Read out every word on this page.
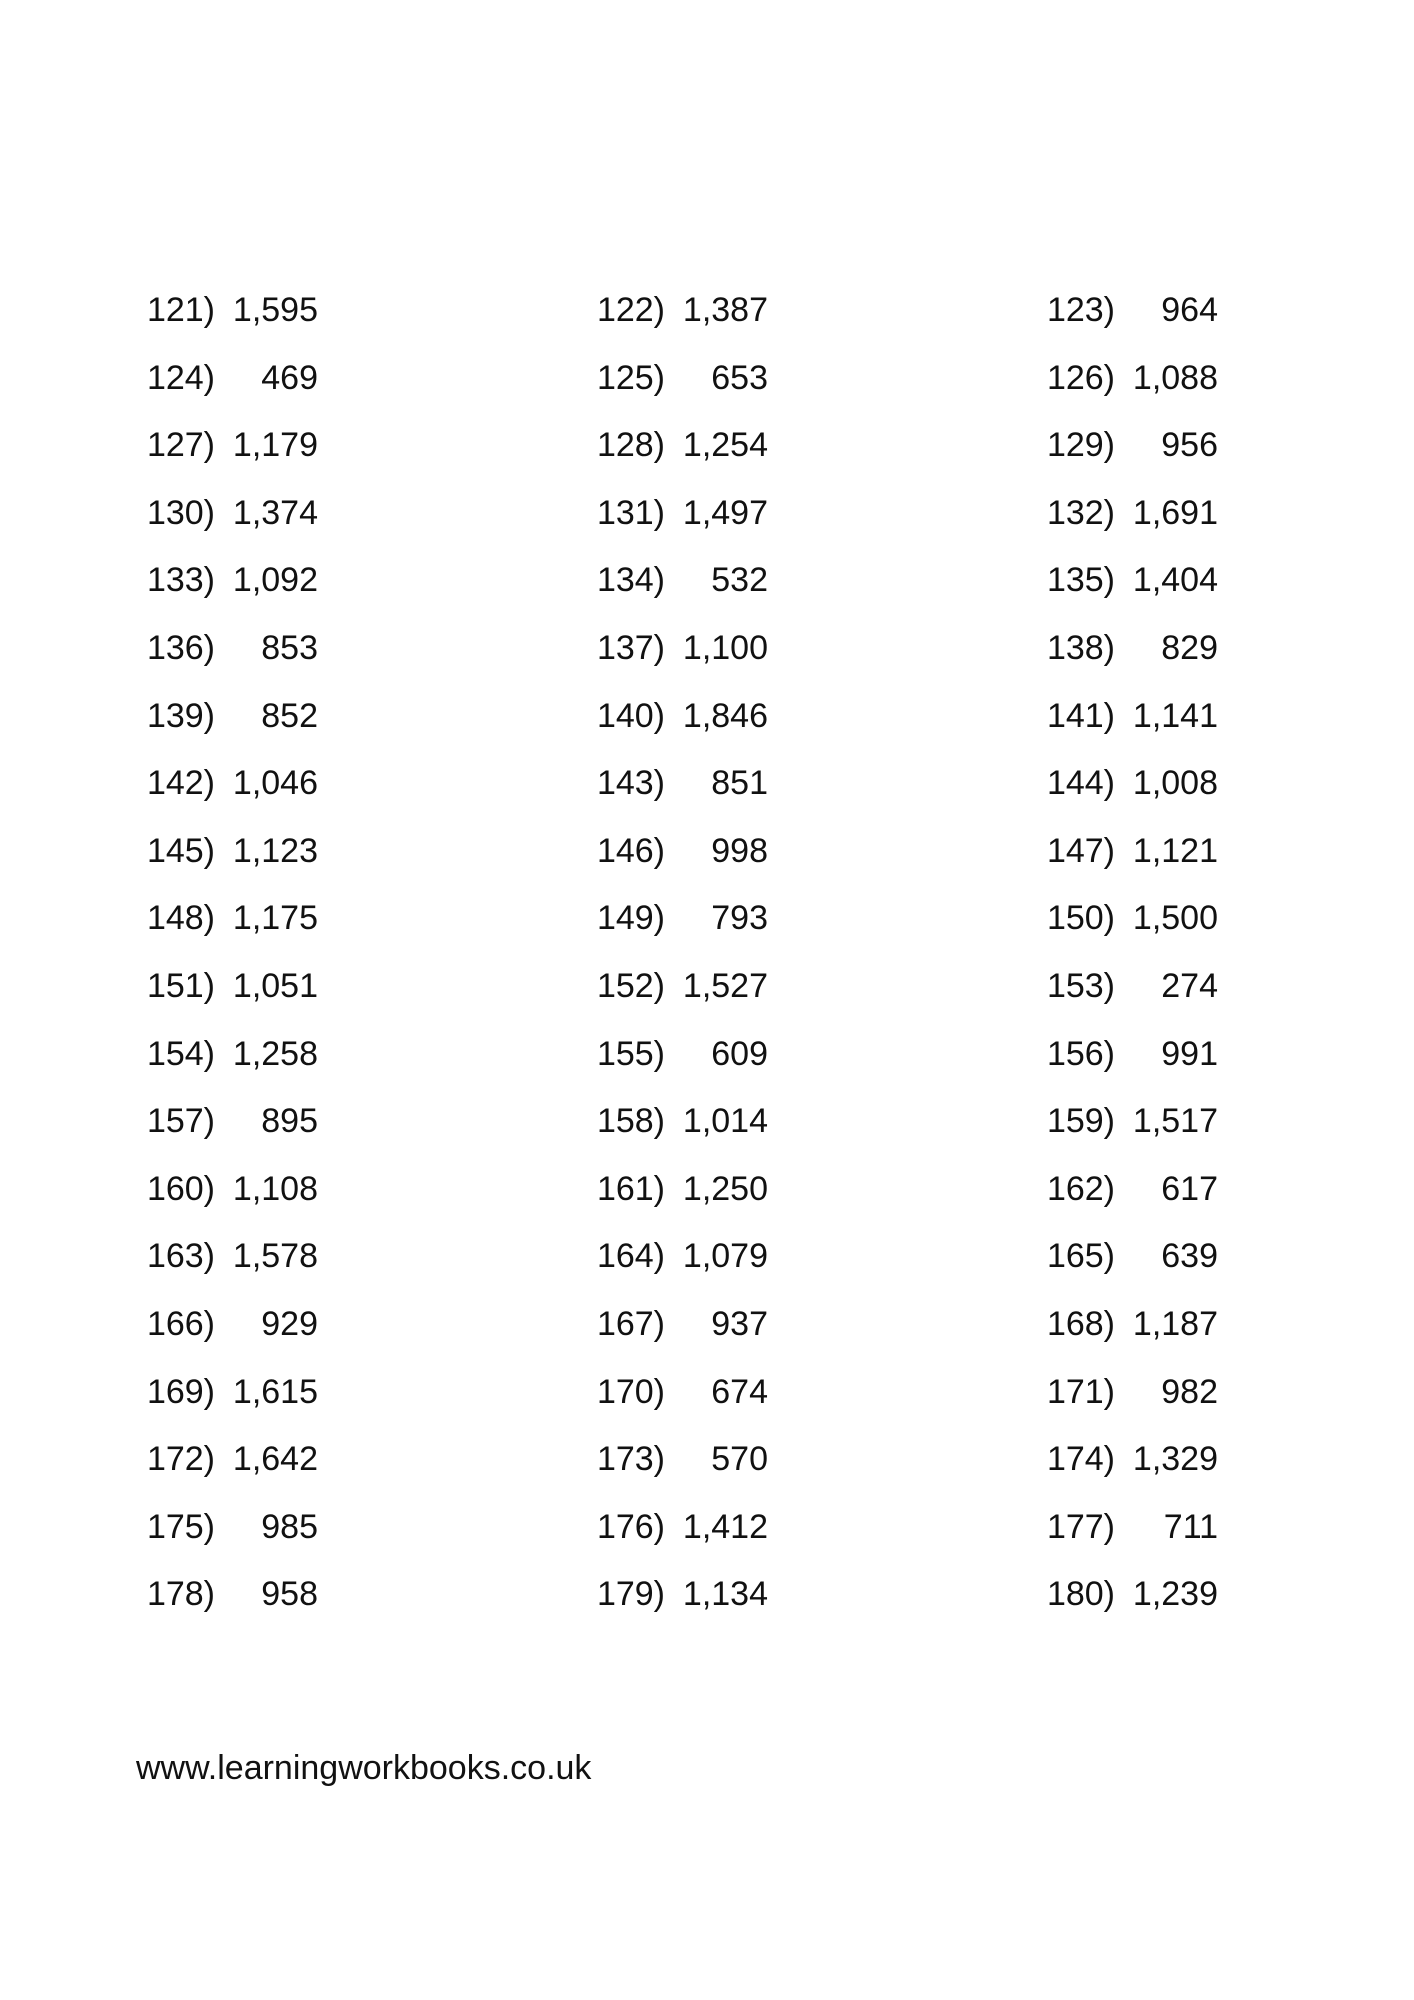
121) 1,595	122) 1,387	123)	964
124)	469	125)	653	126) 1,088
127) 1,179	128) 1,254	129)	956
130) 1,374	131) 1,497	132) 1,691
133) 1,092	134)	532	135) 1,404
136)	853	137) 1,100	138)	829
139)	852	140) 1,846	141) 1,141
142) 1,046	143)	851	144) 1,008
145) 1,123	146)	998	147) 1,121
148) 1,175	149)	793	150) 1,500
151) 1,051	152) 1,527	153)	274
154) 1,258	155)	609	156)	991
157)	895	158) 1,014	159) 1,517
160) 1,108	161) 1,250	162)	617
163) 1,578	164) 1,079	165)	639
166)	929	167)	937	168) 1,187
169) 1,615	170)	674	171)	982
172) 1,642	173)	570	174) 1,329
175)	985	176) 1,412	177)	711
178)	958	179) 1,134	180) 1,239
www.learningworkbooks.co.uk
